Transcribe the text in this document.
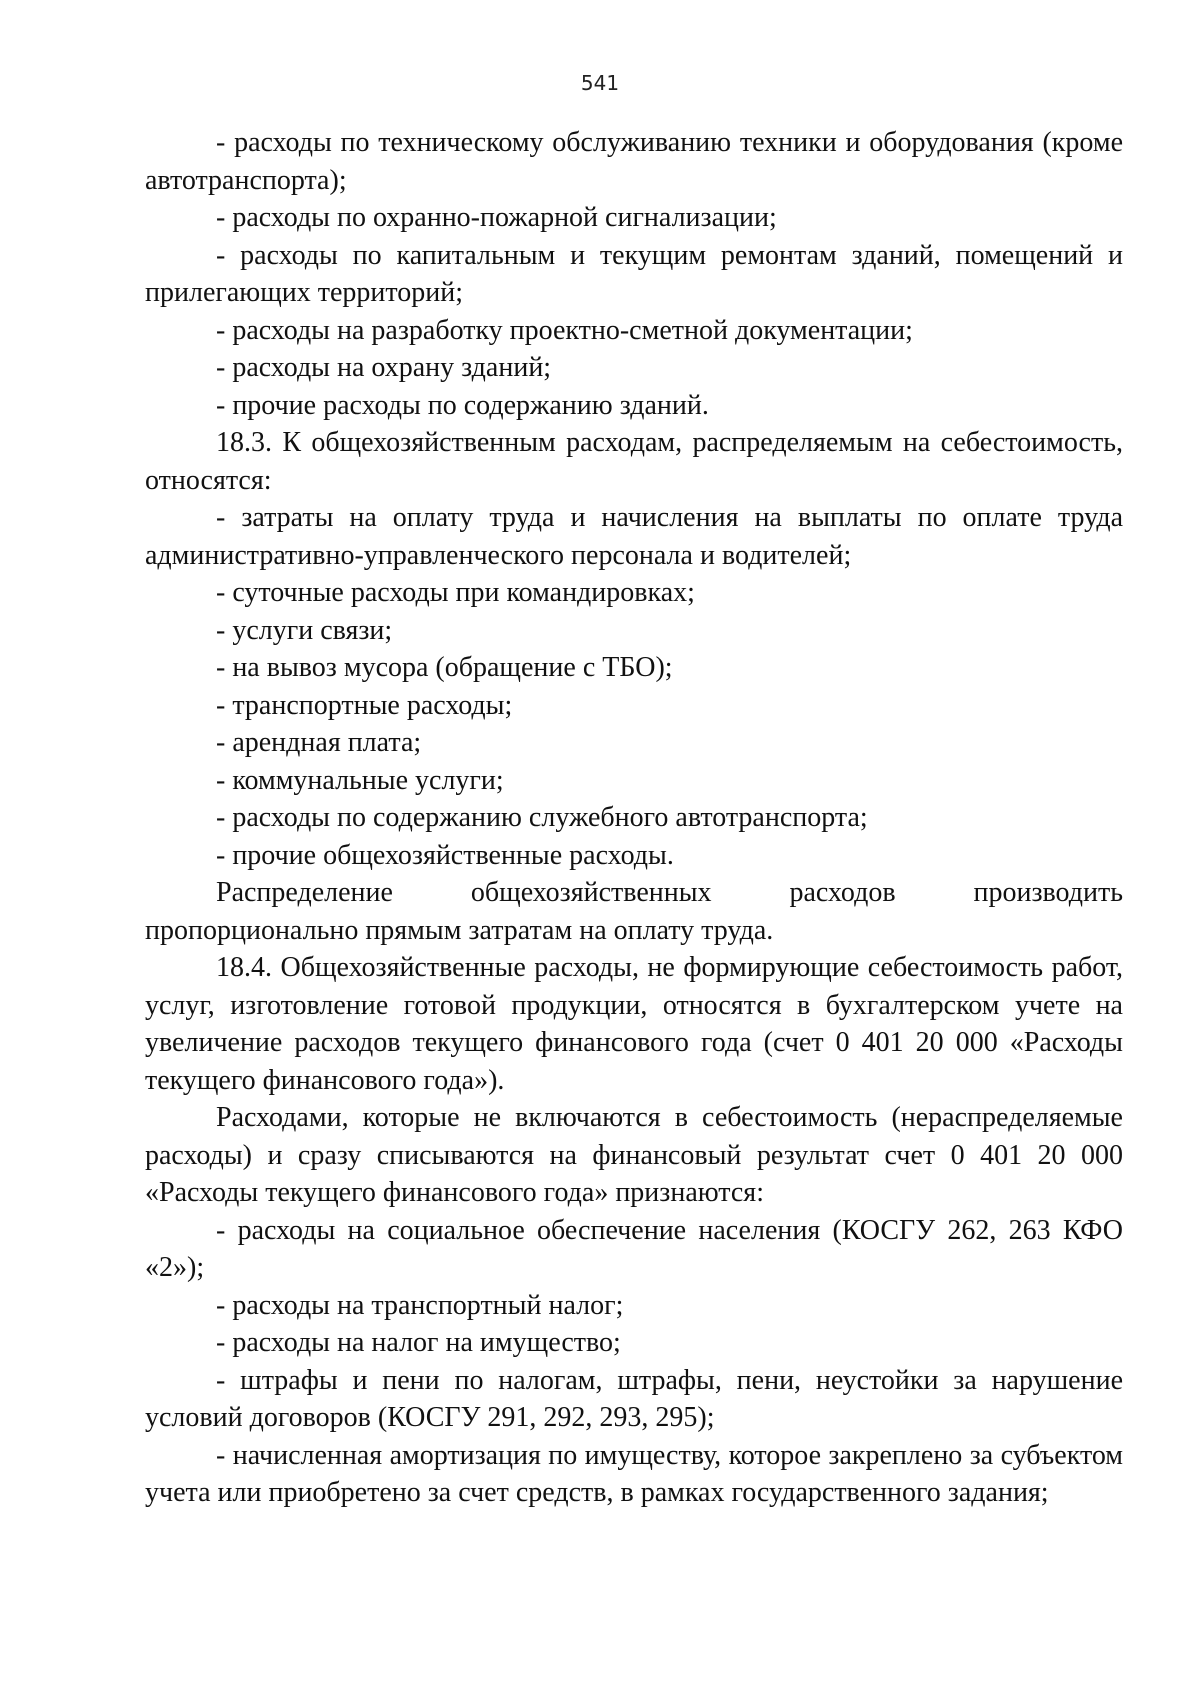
541

- расходы по техническому обслуживанию техники и оборудования (кроме автотранспорта);

- расходы по охранно-пожарной сигнализации;

- расходы по капитальным и текущим ремонтам зданий, помещений и прилегающих территорий;

- расходы на разработку проектно-сметной документации;

- расходы на охрану зданий;

- прочие расходы по содержанию зданий.

18.3. К общехозяйственным расходам, распределяемым на себестоимость, относятся:

- затраты на оплату труда и начисления на выплаты по оплате труда административно-управленческого персонала и водителей;

- суточные расходы при командировках;

- услуги связи;

- на вывоз мусора (обращение с ТБО);

- транспортные расходы;

- арендная плата;

- коммунальные услуги;

- расходы по содержанию служебного автотранспорта;

- прочие общехозяйственные расходы.

Распределение общехозяйственных расходов производить

пропорционально прямым затратам на оплату труда.

18.4. Общехозяйственные расходы, не формирующие себестоимость работ, услуг, изготовление готовой продукции, относятся в бухгалтерском учете на увеличение расходов текущего финансового года (счет 0 401 20 000 «Расходы текущего финансового года»).

Расходами, которые не включаются в себестоимость (нераспределяемые расходы) и сразу списываются на финансовый результат счет 0 401 20 000 «Расходы текущего финансового года» признаются:

- расходы на социальное обеспечение населения (КОСГУ 262, 263 КФО «2»);

- расходы на транспортный налог;

- расходы на налог на имущество;

- штрафы и пени по налогам, штрафы, пени, неустойки за нарушение условий договоров (КОСГУ 291, 292, 293, 295);

- начисленная амортизация по имуществу, которое закреплено за субъектом учета или приобретено за счет средств, в рамках государственного задания;
